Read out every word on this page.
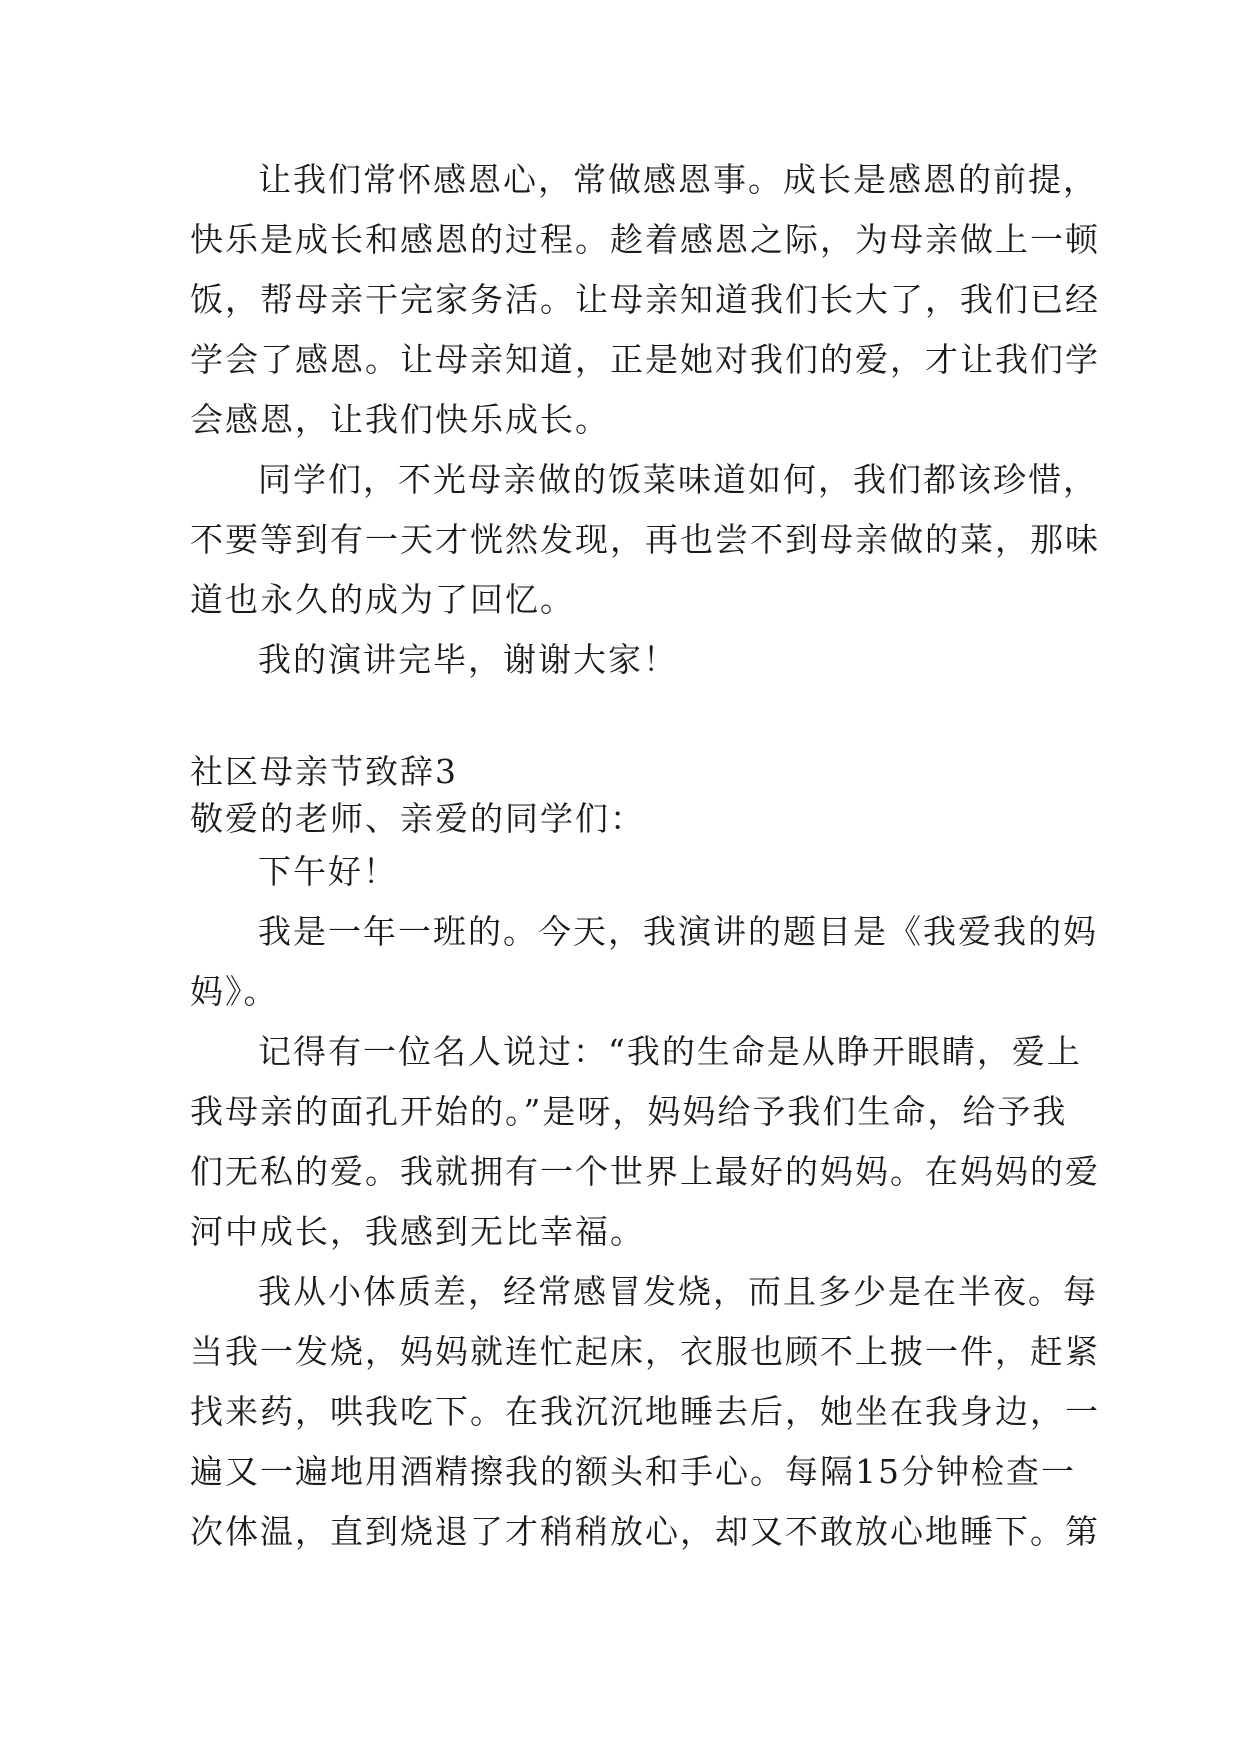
让我们常怀感恩心，常做感恩事。成长是感恩的前提，
快乐是成长和感恩的过程。趁着感恩之际，为母亲做上一顿
饭，帮母亲干完家务活。让母亲知道我们长大了，我们已经
学会了感恩。让母亲知道，正是她对我们的爱，才让我们学
会感恩，让我们快乐成长。
同学们，不光母亲做的饭菜味道如何，我们都该珍惜，
不要等到有一天才恍然发现，再也尝不到母亲做的菜，那味
道也永久的成为了回忆。
我的演讲完毕，谢谢大家！
社区母亲节致辞3
敬爱的老师、亲爱的同学们：
下午好！
我是一年一班的。今天，我演讲的题目是《我爱我的妈
妈》。
记得有一位名人说过：“我的生命是从睁开眼睛，爱上
我母亲的面孔开始的。”是呀，妈妈给予我们生命，给予我
们无私的爱。我就拥有一个世界上最好的妈妈。在妈妈的爱
河中成长，我感到无比幸福。
我从小体质差，经常感冒发烧，而且多少是在半夜。每
当我一发烧，妈妈就连忙起床，衣服也顾不上披一件，赶紧
找来药，哄我吃下。在我沉沉地睡去后，她坐在我身边，一
遍又一遍地用酒精擦我的额头和手心。每隔15分钟检查一
次体温，直到烧退了才稍稍放心，却又不敢放心地睡下。第
